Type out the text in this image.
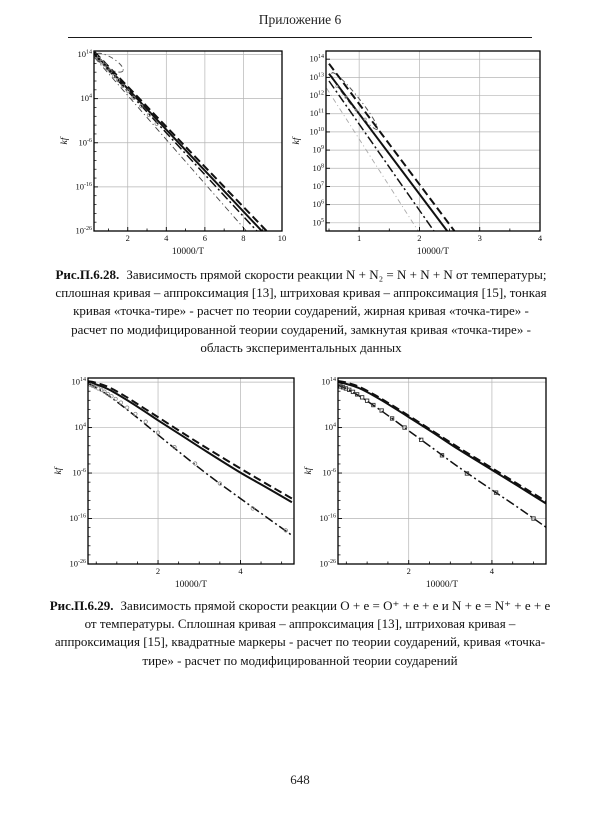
Приложение 6
2	4	6	8	10
$10^{14}$
$10^4$
$10^{-6}$
$10^{-16}$
$10^{-26}$
10000/T
kf
1	2	3	4
$10^{14}$
$10^{13}$
$10^{12}$
$10^{11}$
$10^{10}$
$10^9$
$10^8$
$10^7$
$10^6$
$10^5$
10000/T
kf
Рис.П.6.28. Зависимость прямой скорости реакции N + N₂ = N + N + N от температуры; сплошная кривая – аппроксимация [13], штриховая кривая – аппроксимация [15], тонкая кривая «точка-тире» - расчет по теории соударений, жирная кривая «точка-тире» - расчет по модифицированной теории соударений, замкнутая кривая «точка-тире» - область экспериментальных данных
2	4
$10^{14}$
$10^4$
$10^{-6}$
$10^{-16}$
$10^{-26}$
10000/T
kf
2	4
$10^{14}$
$10^4$
$10^{-6}$
$10^{-16}$
$10^{-26}$
10000/T
kf
Рис.П.6.29. Зависимость прямой скорости реакции O + e = O⁺ + e + e и N + e = N⁺ + e + e от температуры. Сплошная кривая – аппроксимация [13], штриховая кривая – аппроксимация [15], квадратные маркеры - расчет по теории соударений, кривая «точка-тире» - расчет по модифицированной теории соударений
648
